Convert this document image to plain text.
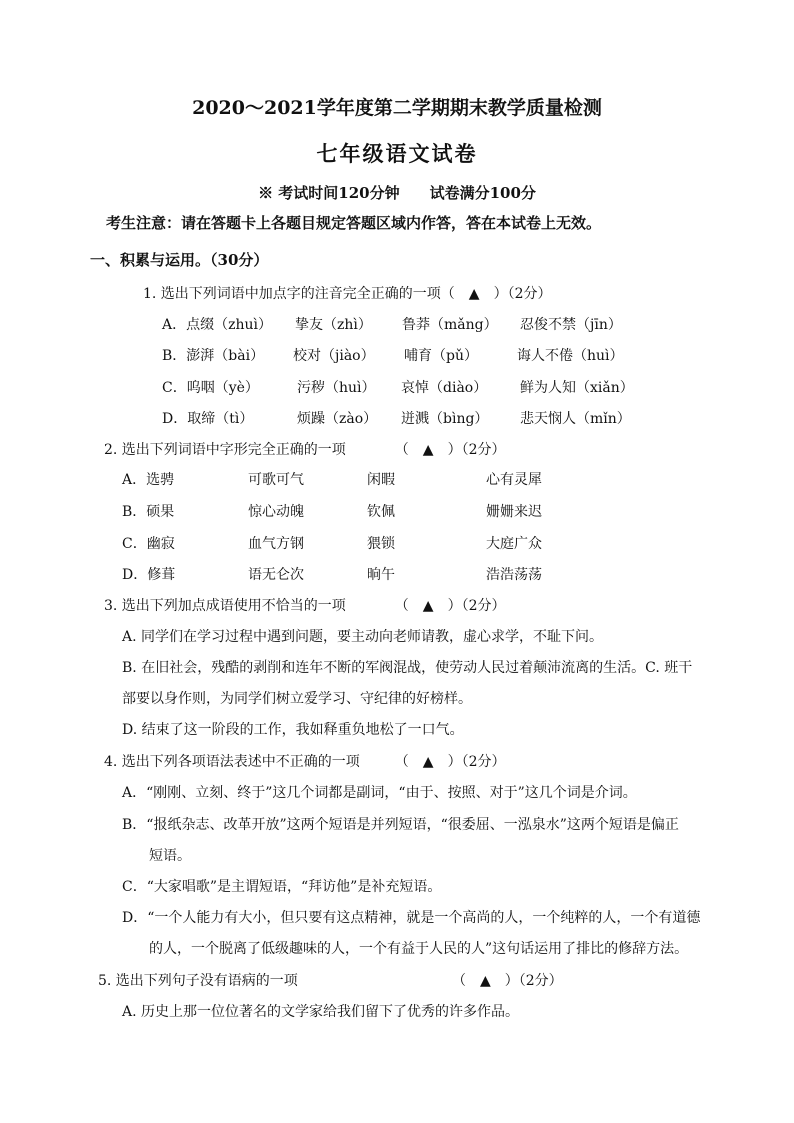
2020～2021学年度第二学期期末教学质量检测
七年级语文试卷
※ 考试时间120分钟　　试卷满分100分
考生注意：请在答题卡上各题目规定答题区域内作答，答在本试卷上无效。
一、积累与运用。（30分）
1. 选出下列词语中加点字的注音完全正确的一项（　▲　）（2分）
A．点缀（zhuì） 挚友（zhì） 鲁莽（mǎng） 忍俊不禁（jīn）
B．澎湃（bài） 校对（jiào） 哺育（pǔ）	诲人不倦（huì）
C．呜咽（yè）	污秽（huì） 哀悼（diào） 鲜为人知（xiǎn）
D．取缔（tì）	烦躁（zào） 迸溅（bìng） 悲天悯人（mǐn）
2. 选出下列词语中字形完全正确的一项　　　　（　▲　）（2分）
A．选骋	可歌可气	闲暇	心有灵犀
B．硕果	惊心动魄	钦佩	姗姗来迟
C．幽寂	血气方钢	猥锁	大庭广众
D．修葺	语无仑次	晌午	浩浩荡荡
3. 选出下列加点成语使用不恰当的一项　　　　（　▲　）（2分）
A. 同学们在学习过程中遇到问题，要主动向老师请教，虚心求学，不耻下问。
B. 在旧社会，残酷的剥削和连年不断的军阀混战，使劳动人民过着颠沛流离的生活。C. 班干
部要以身作则，为同学们树立爱学习、守纪律的好榜样。
D. 结束了这一阶段的工作，我如释重负地松了一口气。
4. 选出下列各项语法表述中不正确的一项　　　（　▲　）（2分）
A．“刚刚、立刻、终于”这几个词都是副词，“由于、按照、对于”这几个词是介词。
B．“报纸杂志、改革开放”这两个短语是并列短语，“很委屈、一泓泉水”这两个短语是偏正
短语。
C．“大家唱歌”是主谓短语，“拜访他”是补充短语。
D．“一个人能力有大小，但只要有这点精神，就是一个高尚的人，一个纯粹的人，一个有道德
的人，一个脱离了低级趣味的人，一个有益于人民的人”这句话运用了排比的修辞方法。
5. 选出下列句子没有语病的一项	（　▲　）（2分）
A. 历史上那一位位著名的文学家给我们留下了优秀的许多作品。
